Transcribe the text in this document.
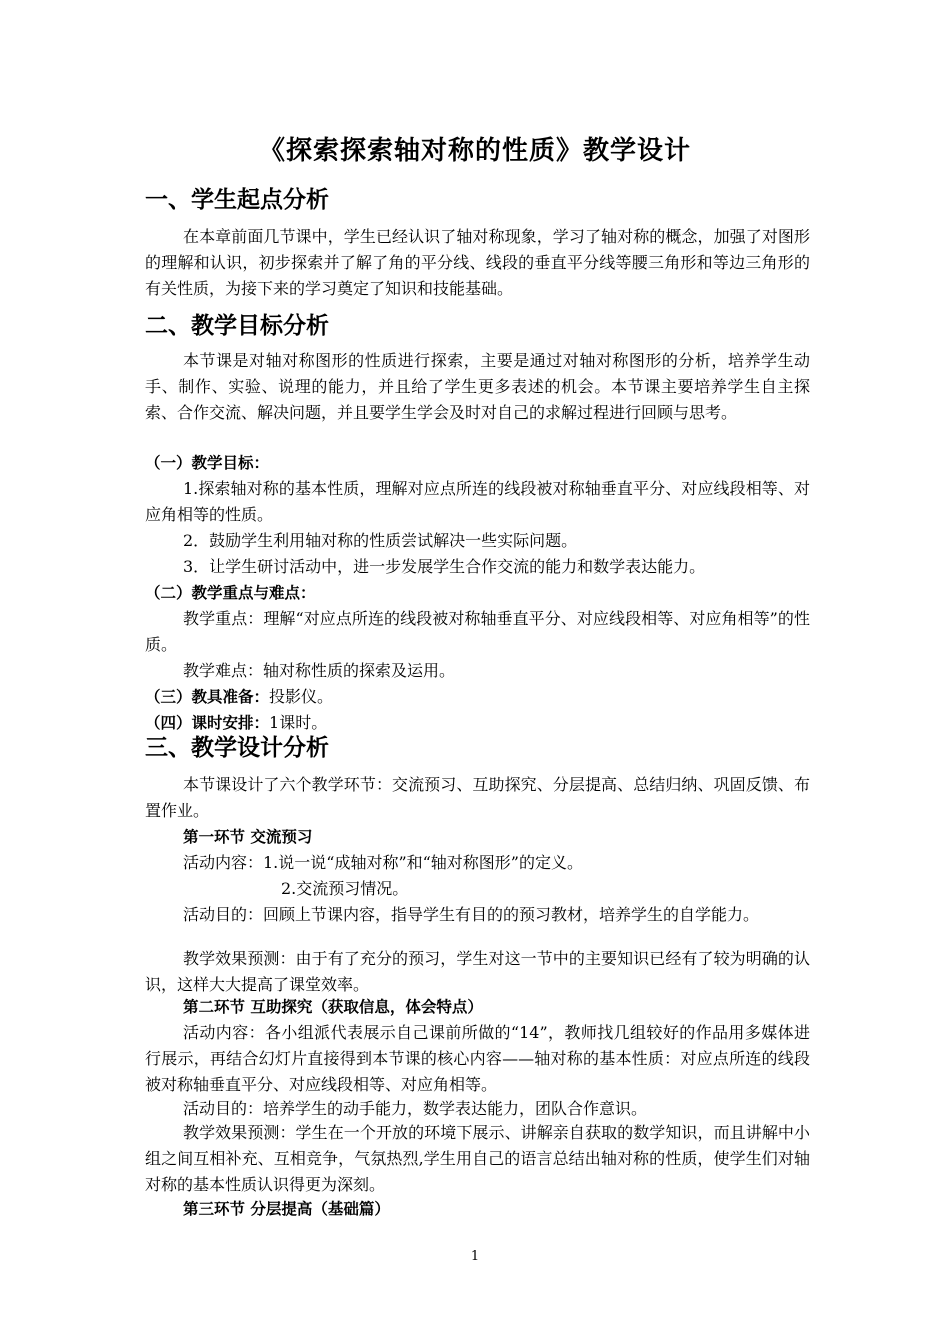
《探索探索轴对称的性质》教学设计
一、学生起点分析
在本章前面几节课中，学生已经认识了轴对称现象，学习了轴对称的概念，加强了对图形的理解和认识，初步探索并了解了角的平分线、线段的垂直平分线等腰三角形和等边三角形的有关性质，为接下来的学习奠定了知识和技能基础。
二、教学目标分析
本节课是对轴对称图形的性质进行探索，主要是通过对轴对称图形的分析，培养学生动手、制作、实验、说理的能力，并且给了学生更多表述的机会。本节课主要培养学生自主探索、合作交流、解决问题，并且要学生学会及时对自己的求解过程进行回顾与思考。
（一）教学目标：
1.探索轴对称的基本性质，理解对应点所连的线段被对称轴垂直平分、对应线段相等、对应角相等的性质。
2．鼓励学生利用轴对称的性质尝试解决一些实际问题。
3．让学生研讨活动中，进一步发展学生合作交流的能力和数学表达能力。
（二）教学重点与难点：
教学重点：理解“对应点所连的线段被对称轴垂直平分、对应线段相等、对应角相等”的性质。
教学难点：轴对称性质的探索及运用。
（三）教具准备：投影仪。
（四）课时安排：1课时。
三、教学设计分析
本节课设计了六个教学环节：交流预习、互助探究、分层提高、总结归纳、巩固反馈、布置作业。
第一环节 交流预习
活动内容：1.说一说“成轴对称”和“轴对称图形”的定义。
2.交流预习情况。
活动目的：回顾上节课内容，指导学生有目的的预习教材，培养学生的自学能力。
教学效果预测：由于有了充分的预习，学生对这一节中的主要知识已经有了较为明确的认识，这样大大提高了课堂效率。
第二环节 互助探究（获取信息，体会特点）
活动内容：各小组派代表展示自己课前所做的“14”，教师找几组较好的作品用多媒体进行展示，再结合幻灯片直接得到本节课的核心内容——轴对称的基本性质：对应点所连的线段被对称轴垂直平分、对应线段相等、对应角相等。
活动目的：培养学生的动手能力，数学表达能力，团队合作意识。
教学效果预测：学生在一个开放的环境下展示、讲解亲自获取的数学知识，而且讲解中小组之间互相补充、互相竞争，气氛热烈,学生用自己的语言总结出轴对称的性质，使学生们对轴对称的基本性质认识得更为深刻。
第三环节 分层提高（基础篇）
1
